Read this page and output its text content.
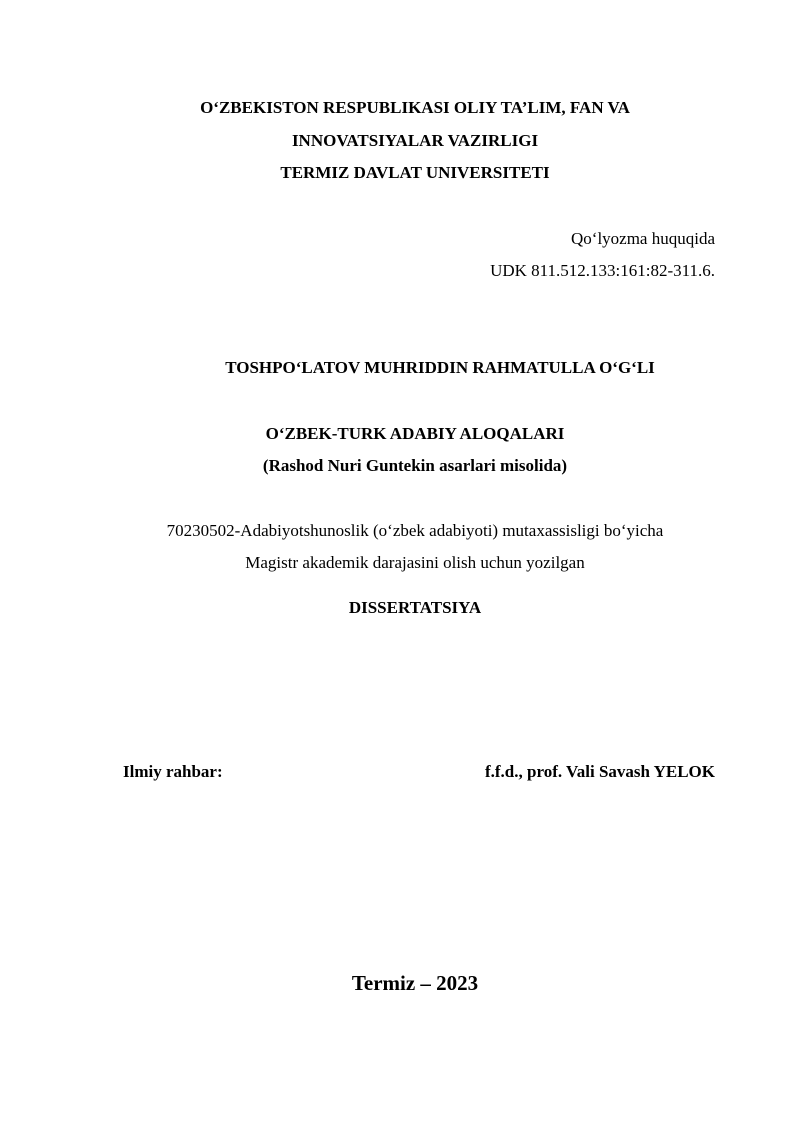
O‘ZBEKISTON RESPUBLIKASI OLIY TA’LIM, FAN VA
INNOVATSIYALAR VAZIRLIGI
TERMIZ DAVLAT UNIVERSITETI
Qo‘lyozma huquqida
UDK 811.512.133:161:82-311.6.
TOSHPO‘LATOV MUHRIDDIN RAHMATULLA O‘G‘LI
O‘ZBEK-TURK ADABIY ALOQALARI
(Rashod Nuri Guntekin asarlari misolida)
70230502-Adabiyotshunoslik (o‘zbek adabiyoti) mutaxassisligi bo‘yicha
Magistr akademik darajasini olish uchun yozilgan
DISSERTATSIYA
Ilmiy rahbar:	f.f.d., prof. Vali Savash YELOK
Termiz – 2023
